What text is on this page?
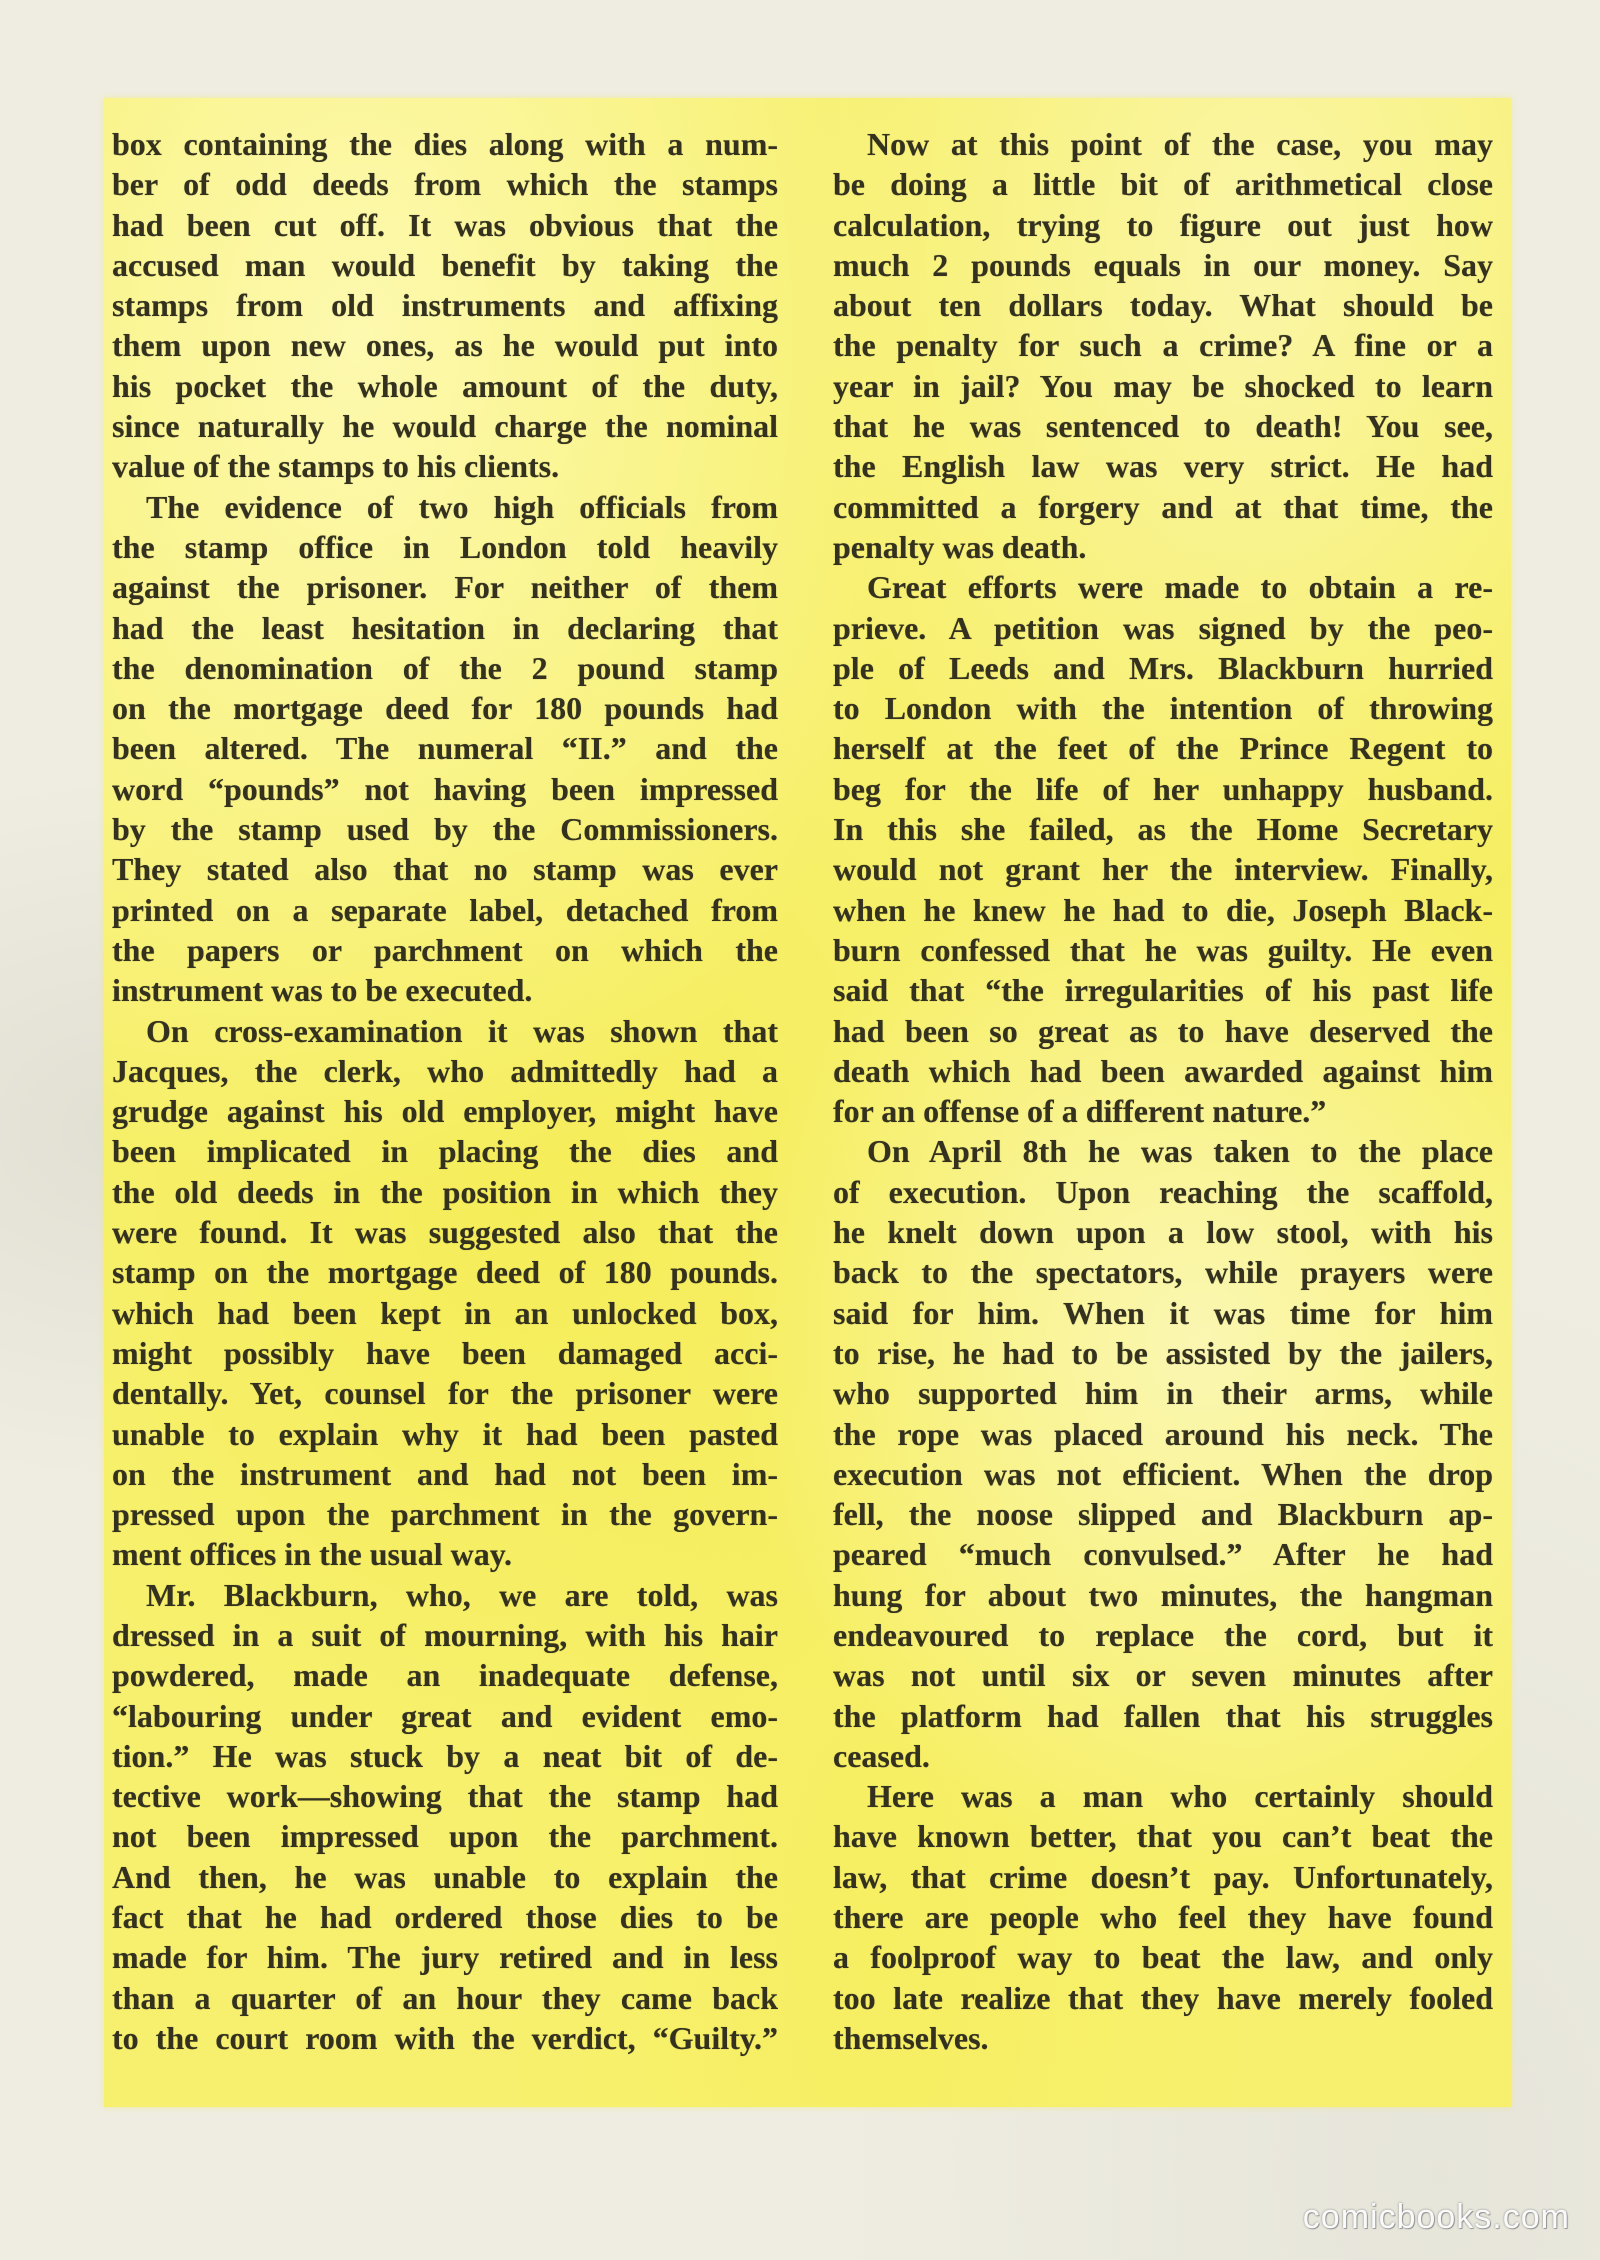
box containing the dies along with a num-
ber of odd deeds from which the stamps
had been cut off. It was obvious that the
accused man would benefit by taking the
stamps from old instruments and affixing
them upon new ones, as he would put into
his pocket the whole amount of the duty,
since naturally he would charge the nominal
value of the stamps to his clients.
The evidence of two high officials from
the stamp office in London told heavily
against the prisoner. For neither of them
had the least hesitation in declaring that
the denomination of the 2 pound stamp
on the mortgage deed for 180 pounds had
been altered. The numeral “II.” and the
word “pounds” not having been impressed
by the stamp used by the Commissioners.
They stated also that no stamp was ever
printed on a separate label, detached from
the papers or parchment on which the
instrument was to be executed.
On cross-examination it was shown that
Jacques, the clerk, who admittedly had a
grudge against his old employer, might have
been implicated in placing the dies and
the old deeds in the position in which they
were found. It was suggested also that the
stamp on the mortgage deed of 180 pounds.
which had been kept in an unlocked box,
might possibly have been damaged acci-
dentally. Yet, counsel for the prisoner were
unable to explain why it had been pasted
on the instrument and had not been im-
pressed upon the parchment in the govern-
ment offices in the usual way.
Mr. Blackburn, who, we are told, was
dressed in a suit of mourning, with his hair
powdered, made an inadequate defense,
“labouring under great and evident emo-
tion.” He was stuck by a neat bit of de-
tective work—showing that the stamp had
not been impressed upon the parchment.
And then, he was unable to explain the
fact that he had ordered those dies to be
made for him. The jury retired and in less
than a quarter of an hour they came back
to the court room with the verdict, “Guilty.”
Now at this point of the case, you may
be doing a little bit of arithmetical close
calculation, trying to figure out just how
much 2 pounds equals in our money. Say
about ten dollars today. What should be
the penalty for such a crime? A fine or a
year in jail? You may be shocked to learn
that he was sentenced to death! You see,
the English law was very strict. He had
committed a forgery and at that time, the
penalty was death.
Great efforts were made to obtain a re-
prieve. A petition was signed by the peo-
ple of Leeds and Mrs. Blackburn hurried
to London with the intention of throwing
herself at the feet of the Prince Regent to
beg for the life of her unhappy husband.
In this she failed, as the Home Secretary
would not grant her the interview. Finally,
when he knew he had to die, Joseph Black-
burn confessed that he was guilty. He even
said that “the irregularities of his past life
had been so great as to have deserved the
death which had been awarded against him
for an offense of a different nature.”
On April 8th he was taken to the place
of execution. Upon reaching the scaffold,
he knelt down upon a low stool, with his
back to the spectators, while prayers were
said for him. When it was time for him
to rise, he had to be assisted by the jailers,
who supported him in their arms, while
the rope was placed around his neck. The
execution was not efficient. When the drop
fell, the noose slipped and Blackburn ap-
peared “much convulsed.” After he had
hung for about two minutes, the hangman
endeavoured to replace the cord, but it
was not until six or seven minutes after
the platform had fallen that his struggles
ceased.
Here was a man who certainly should
have known better, that you can’t beat the
law, that crime doesn’t pay. Unfortunately,
there are people who feel they have found
a foolproof way to beat the law, and only
too late realize that they have merely fooled
themselves.
comicbooks.com
